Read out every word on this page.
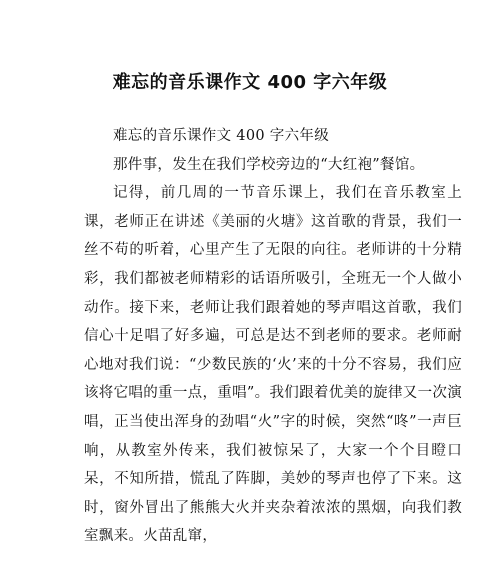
难忘的音乐课作文 400 字六年级

难忘的音乐课作文 400 字六年级

那件事，发生在我们学校旁边的“大红袍”餐馆。

记得，前几周的一节音乐课上，我们在音乐教室上课，老师正在讲述《美丽的火塘》这首歌的背景，我们一丝不苟的听着，心里产生了无限的向往。老师讲的十分精彩，我们都被老师精彩的话语所吸引，全班无一个人做小动作。接下来，老师让我们跟着她的琴声唱这首歌，我们信心十足唱了好多遍，可总是达不到老师的要求。老师耐心地对我们说：“少数民族的‘火’来的十分不容易，我们应该将它唱的重一点，重唱”。我们跟着优美的旋律又一次演唱，正当使出浑身的劲唱“火”字的时候，突然“咚”一声巨响，从教室外传来，我们被惊呆了，大家一个个目瞪口呆，不知所措，慌乱了阵脚，美妙的琴声也停了下来。这时，窗外冒出了熊熊大火并夹杂着浓浓的黑烟，向我们教室飘来。火苗乱窜，
